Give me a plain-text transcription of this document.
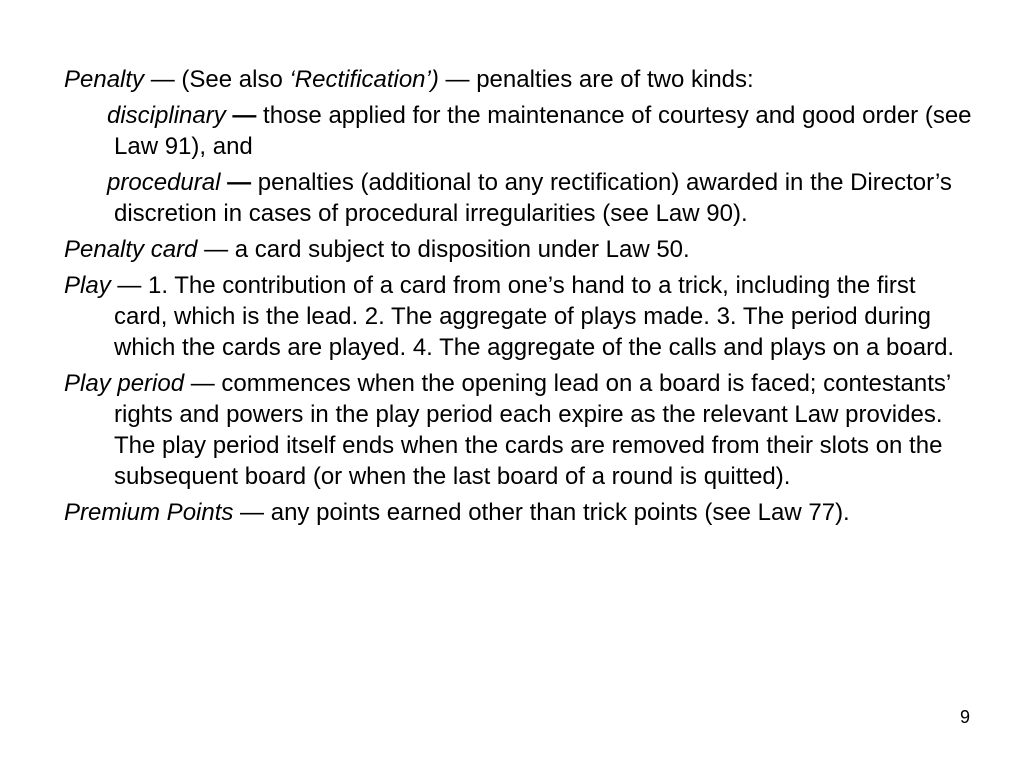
Penalty — (See also ‘Rectification’) — penalties are of two kinds:

disciplinary — those applied for the maintenance of courtesy and good order (see Law 91), and

procedural — penalties (additional to any rectification) awarded in the Director’s discretion in cases of procedural irregularities (see Law 90).

Penalty card — a card subject to disposition under Law 50.

Play — 1. The contribution of a card from one’s hand to a trick, including the first card, which is the lead. 2. The aggregate of plays made. 3. The period during which the cards are played. 4. The aggregate of the calls and plays on a board.

Play period — commences when the opening lead on a board is faced; contestants’ rights and powers in the play period each expire as the relevant Law provides. The play period itself ends when the cards are removed from their slots on the subsequent board (or when the last board of a round is quitted).

Premium Points — any points earned other than trick points (see Law 77).

9
